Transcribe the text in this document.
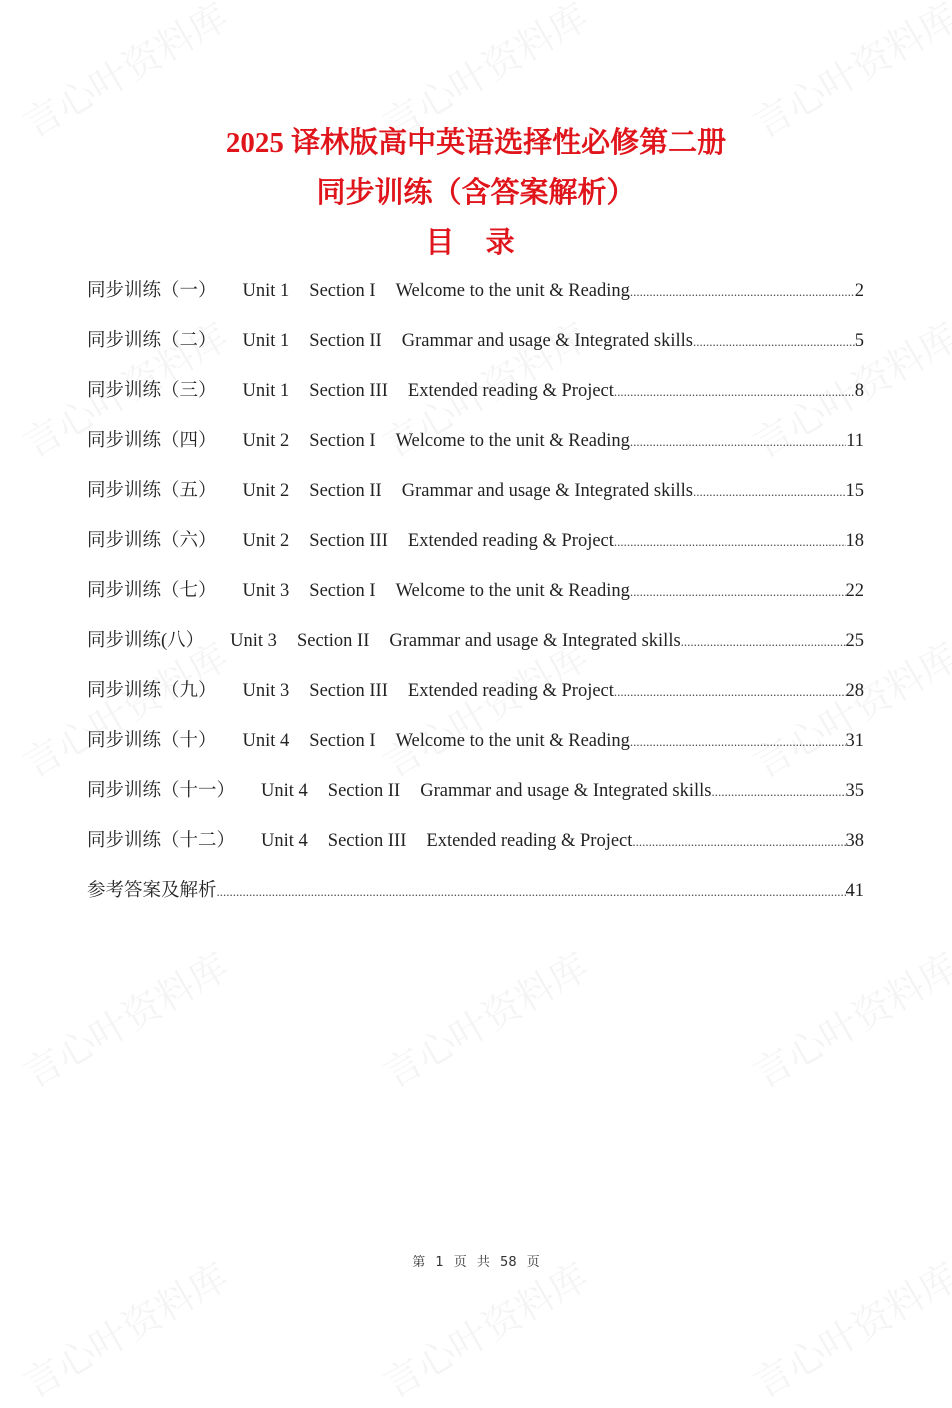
2025 译林版高中英语选择性必修第二册
同步训练（含答案解析）
目 录
同步训练（一） Unit 1 Section I Welcome to the unit & Reading .....	2
同步训练（二） Unit 1 Section II Grammar and usage & Integrated skills .....	5
同步训练（三） Unit 1 Section III Extended reading & Project .....	8
同步训练（四） Unit 2 Section I Welcome to the unit & Reading .....	11
同步训练（五） Unit 2 Section II Grammar and usage & Integrated skills .....	15
同步训练（六） Unit 2 Section III Extended reading & Project .....	18
同步训练（七） Unit 3 Section I Welcome to the unit & Reading .....	22
同步训练(八） Unit 3 Section II Grammar and usage & Integrated skills .....	25
同步训练（九） Unit 3 Section III Extended reading & Project .....	28
同步训练（十） Unit 4 Section I Welcome to the unit & Reading .....	31
同步训练（十一） Unit 4 Section II Grammar and usage & Integrated skills .....	35
同步训练（十二） Unit 4 Section III Extended reading & Project .....	38
参考答案及解析 .....	41
第 1 页 共 58 页
